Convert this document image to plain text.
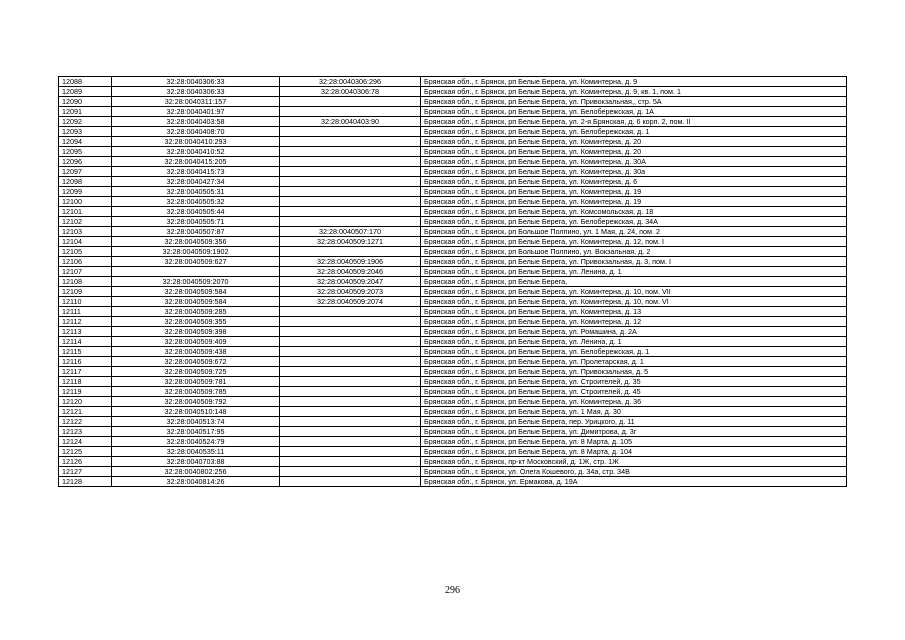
12088	32:28:0040306:33	32:28:0040306:296	Брянская обл., г. Брянск, рп Белые Берега, ул. Коминтерна, д. 9
12089	32:28:0040306:33	32:28:0040306:78	Брянская обл., г. Брянск, рп Белые Берега, ул. Коминтерна, д. 9, кв. 1, пом. 1
12090	32:28:0040311:157		Брянская обл., г. Брянск, рп Белые Берега, ул. Привокзальная,, стр. 5А
12091	32:28:0040401:97		Брянская обл., г. Брянск, рп Белые Берега, ул. Белобережская, д. 1А
12092	32:28:0040403:58	32:28:0040403:90	Брянская обл., г. Брянск, рп Белые Берега, ул. 2-я Брянская, д. 6 корп. 2, пом. II
12093	32:28:0040408:70		Брянская обл., г. Брянск, рп Белые Берега, ул. Белобережская, д. 1
12094	32:28:0040410:293		Брянская обл., г. Брянск, рп Белые Берега, ул. Коминтерна, д. 20
12095	32:28:0040410:52		Брянская обл., г. Брянск, рп Белые Берега, ул. Коминтерна, д. 20
12096	32:28:0040415:205		Брянская обл., г. Брянск, рп Белые Берега, ул. Коминтерна, д. 30А
12097	32:28:0040415:73		Брянская обл., г. Брянск, рп Белые Берега, ул. Коминтерна, д. 30а
12098	32:28:0040427:34		Брянская обл., г. Брянск, рп Белые Берега, ул. Коминтерна, д. 6
12099	32:28:0040505:31		Брянская обл., г. Брянск, рп Белые Берега, ул. Коминтерна, д. 19
12100	32:28:0040505:32		Брянская обл., г. Брянск, рп Белые Берега, ул. Коминтерна, д. 19
12101	32:28:0040505:44		Брянская обл., г. Брянск, рп Белые Берега, ул. Комсомольская, д. 18
12102	32:28:0040505:71		Брянская обл., г. Брянск, рп Белые Берега, ул. Белобережская, д. 34А
12103	32:28:0040507:87	32:28:0040507:170	Брянская обл., г. Брянск, рп Большое Полпино, ул. 1 Мая, д. 24, пом. 2
12104	32:28:0040509:356	32:28:0040509:1271	Брянская обл., г. Брянск, рп Белые Берега, ул. Коминтерна, д. 12, пом. I
12105	32:28:0040509:1902		Брянская обл., г. Брянск, рп Большое Полпино, ул. Вокзальная, д. 2
12106	32:28:0040509:627	32:28:0040509:1906	Брянская обл., г. Брянск, рп Белые Берега, ул. Привокзальная, д. 3, пом. I
12107		32:28:0040509:2046	Брянская обл., г. Брянск, рп Белые Берега, ул. Ленина, д. 1
12108	32:28:0040509:2070	32:28:0040509:2047	Брянская обл., г. Брянск, рп Белые Берега,
12109	32:28:0040509:584	32:28:0040509:2073	Брянская обл., г. Брянск, рп Белые Берега, ул. Коминтерна, д. 10, пом. VII
12110	32:28:0040509:584	32:28:0040509:2074	Брянская обл., г. Брянск, рп Белые Берега, ул. Коминтерна, д. 10, пом. VI
12111	32:28:0040509:285		Брянская обл., г. Брянск, рп Белые Берега, ул. Коминтерна, д. 13
12112	32:28:0040509:355		Брянская обл., г. Брянск, рп Белые Берега, ул. Коминтерна, д. 12
12113	32:28:0040509:398		Брянская обл., г. Брянск, рп Белые Берега, ул. Ромашина, д. 2А
12114	32:28:0040509:409		Брянская обл., г. Брянск, рп Белые Берега, ул. Ленина, д. 1
12115	32:28:0040509:438		Брянская обл., г. Брянск, рп Белые Берега, ул. Белобережская, д. 1
12116	32:28:0040509:672		Брянская обл., г. Брянск, рп Белые Берега, ул. Пролетарская, д. 1
12117	32:28:0040509:725		Брянская обл., г. Брянск, рп Белые Берега, ул. Привокзальная, д. 5
12118	32:28:0040509:781		Брянская обл., г. Брянск, рп Белые Берега, ул. Строителей, д. 35
12119	32:28:0040509:785		Брянская обл., г. Брянск, рп Белые Берега, ул. Строителей, д. 45
12120	32:28:0040509:792		Брянская обл., г. Брянск, рп Белые Берега, ул. Коминтерна, д. 36
12121	32:28:0040510:148		Брянская обл., г. Брянск, рп Белые Берега, ул. 1 Мая, д. 30
12122	32:28:0040513:74		Брянская обл., г. Брянск, рп Белые Берега, пер. Урицкого, д. 11
12123	32:28:0040517:95		Брянская обл., г. Брянск, рп Белые Берега, ул. Димитрова, д. 3г
12124	32:28:0040524:79		Брянская обл., г. Брянск, рп Белые Берега, ул. 8 Марта, д. 105
12125	32:28:0040535:11		Брянская обл., г. Брянск, рп Белые Берега, ул. 8 Марта, д. 104
12126	32:28:0040703:88		Брянская обл., г. Брянск, пр-кт Московский, д. 1Ж, стр. 1Ж
12127	32:28:0040802:256		Брянская обл., г. Брянск, ул. Олега Кошевого, д. 34а, стр. 34В
12128	32:28:0040814:26		Брянская обл., г. Брянск, ул. Ермакова, д. 19А
296
